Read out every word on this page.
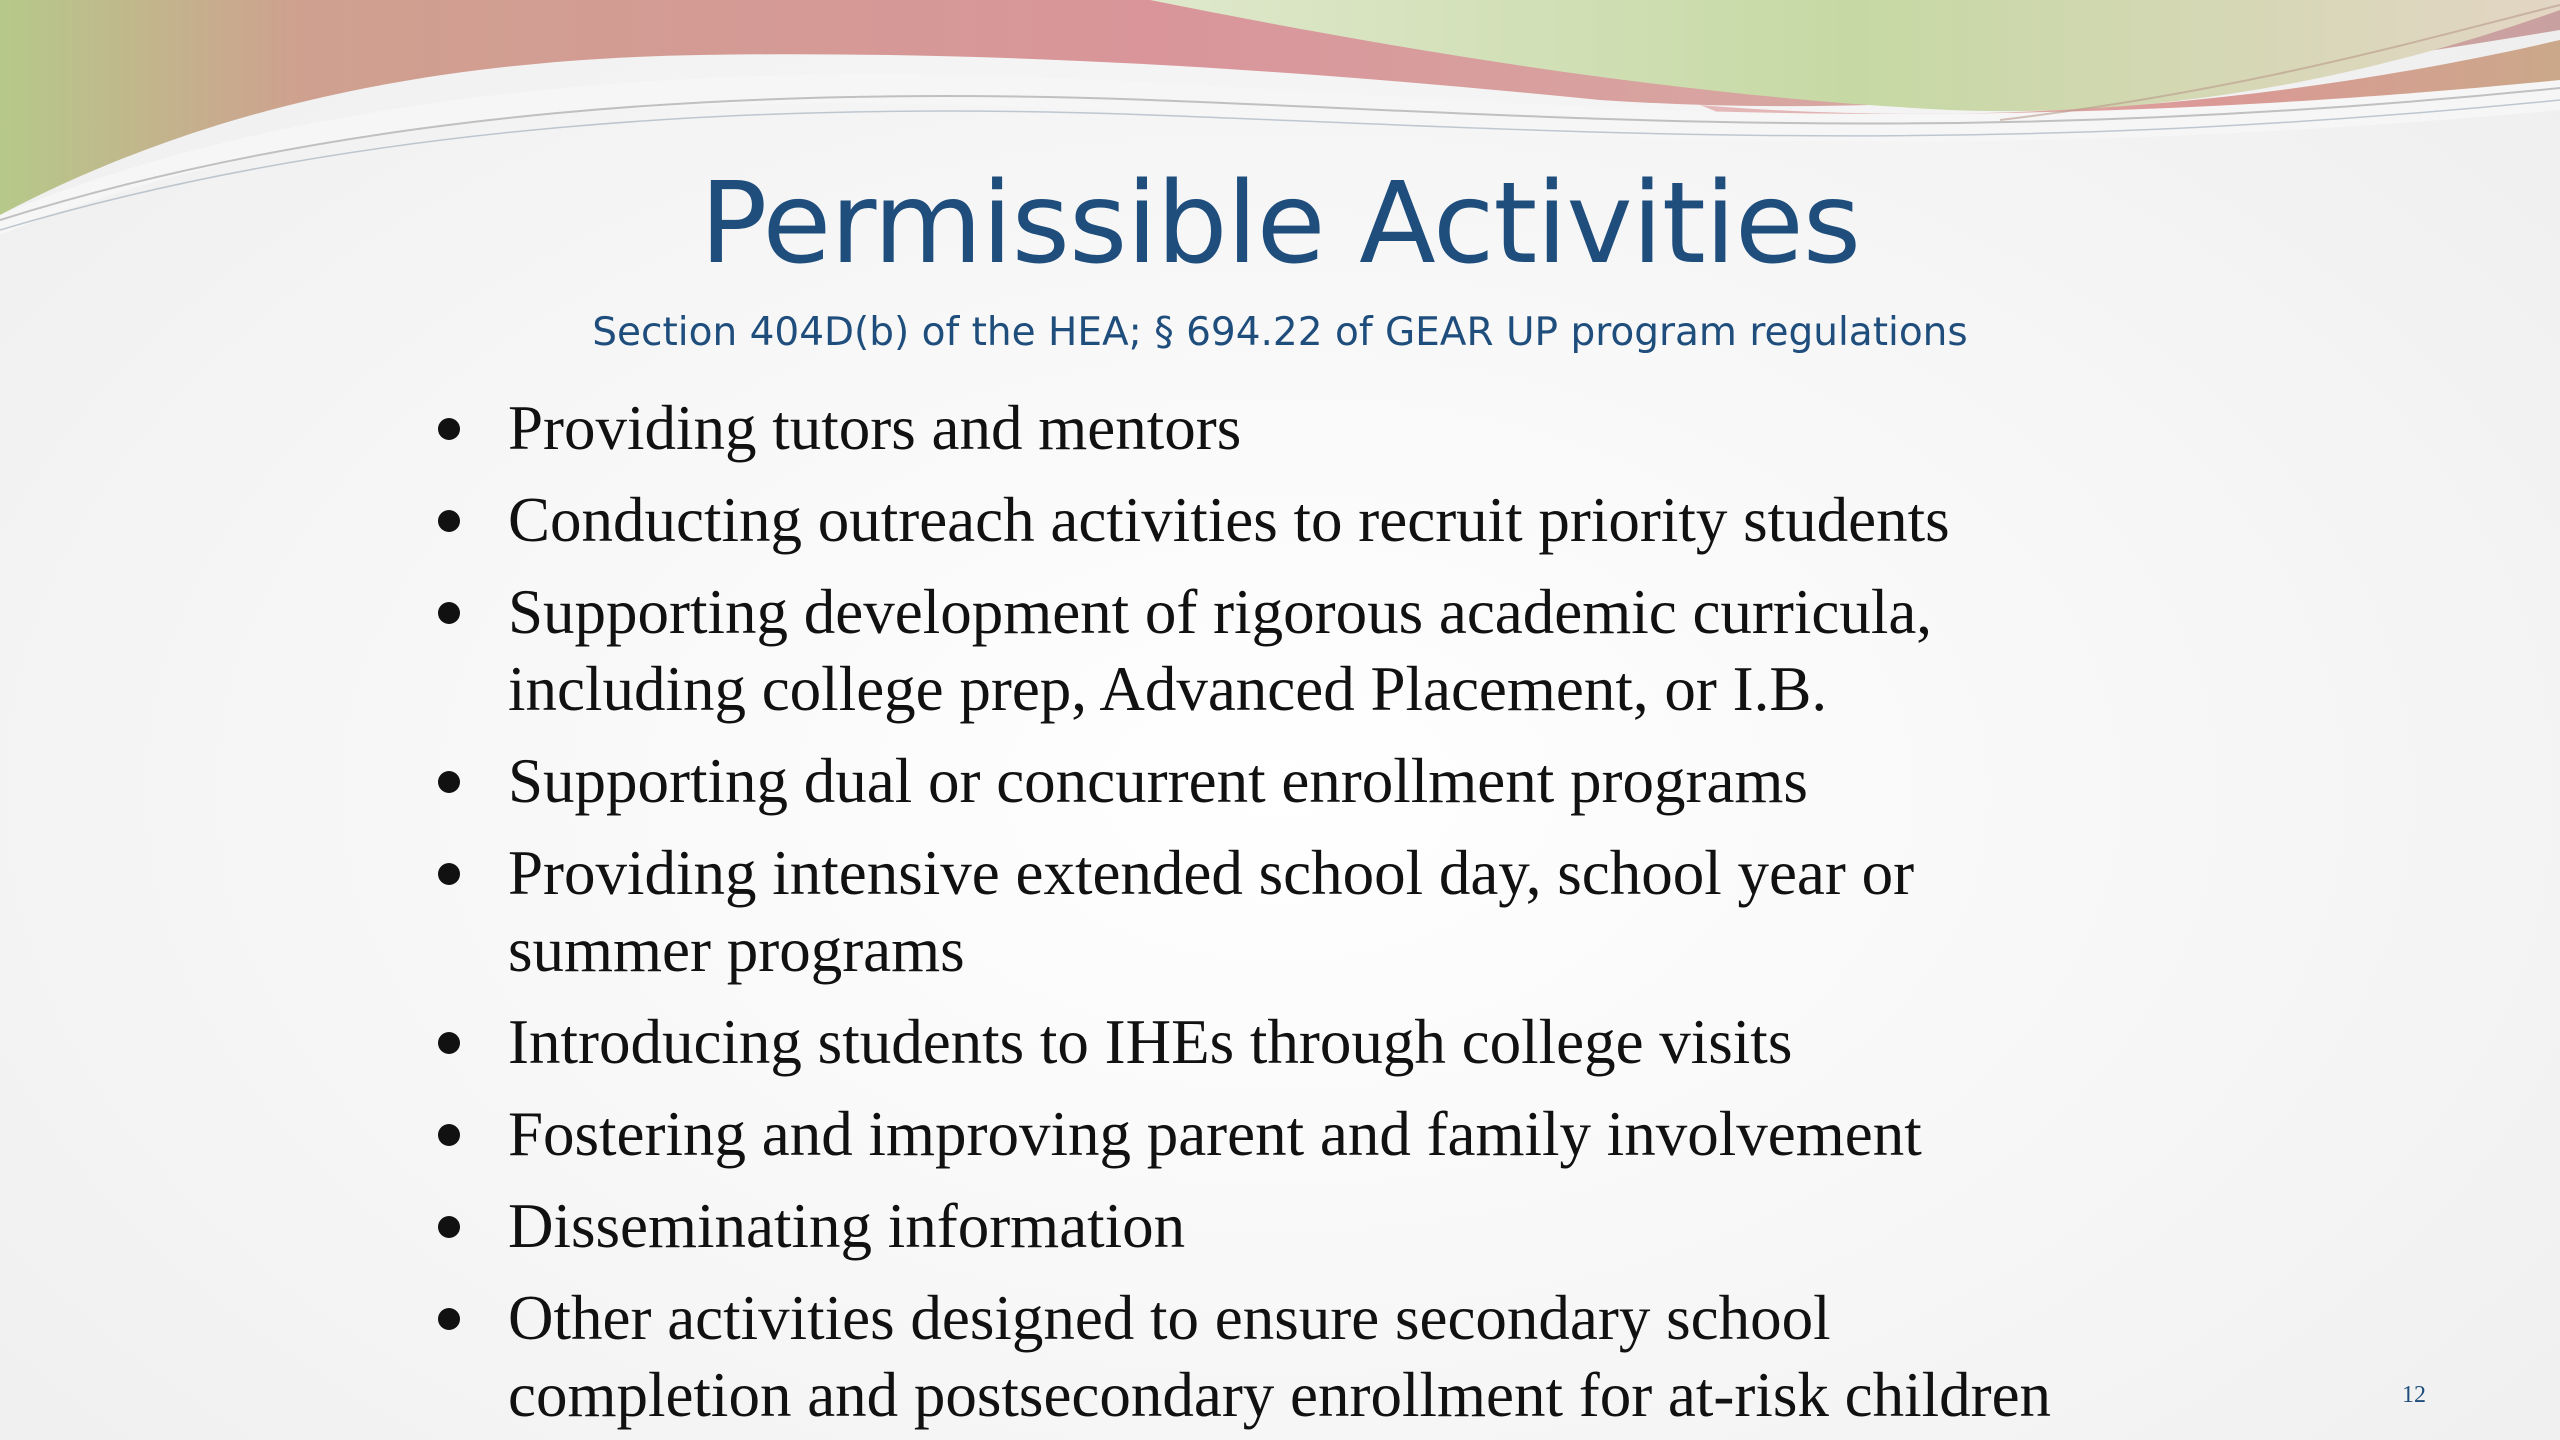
Permissible Activities
Section 404D(b) of the HEA; § 694.22 of GEAR UP program regulations
Providing tutors and mentors
Conducting outreach activities to recruit priority students
Supporting development of rigorous academic curricula,
including college prep, Advanced Placement, or I.B.
Supporting dual or concurrent enrollment programs
Providing intensive extended school day, school year or
summer programs
Introducing students to IHEs through college visits
Fostering and improving parent and family involvement
Disseminating information
Other activities designed to ensure secondary school
completion and postsecondary enrollment for at-risk children	12
